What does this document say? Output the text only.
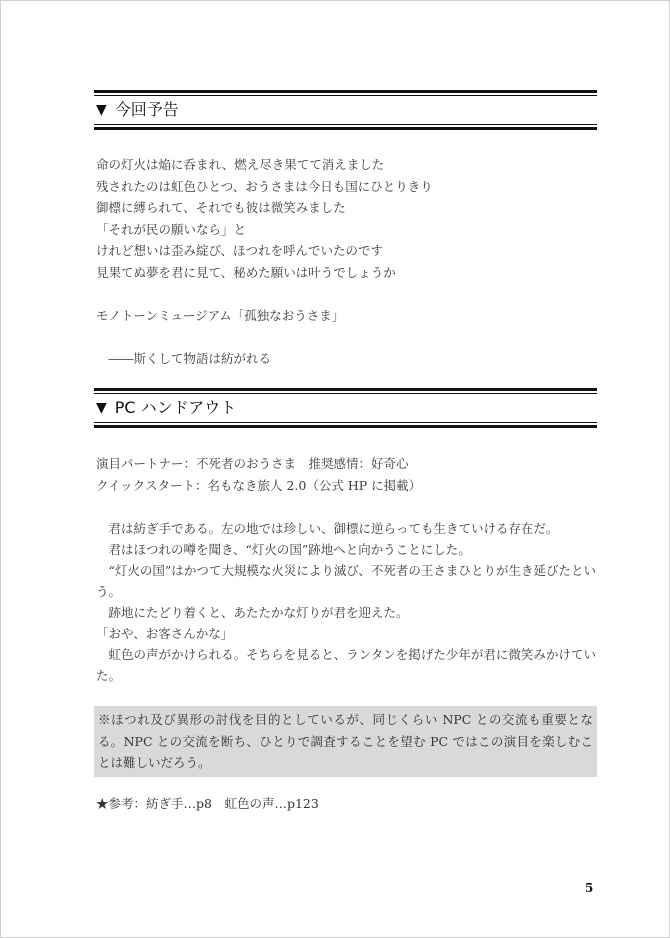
▼ 今回予告
命の灯火は焔に呑まれ、燃え尽き果てて消えました
残されたのは虹色ひとつ、おうさまは今日も国にひとりきり
御標に縛られて、それでも彼は微笑みました
「それが民の願いなら」と
けれど想いは歪み綻び、ほつれを呼んでいたのです
見果てぬ夢を君に見て、秘めた願いは叶うでしょうか
モノトーンミュージアム「孤独なおうさま」
　――斯くして物語は紡がれる
▼ PC ハンドアウト
演目パートナー：不死者のおうさま　推奨感情：好奇心
クイックスタート：名もなき旅人 2.0（公式 HP に掲載）

君は紡ぎ手である。左の地では珍しい、御標に逆らっても生きていける存在だ。

君はほつれの噂を聞き、“灯火の国”跡地へと向かうことにした。

“灯火の国”はかつて大規模な火災により滅び、不死者の王さまひとりが生き延びたという。

跡地にたどり着くと、あたたかな灯りが君を迎えた。

「おや、お客さんかな」

虹色の声がかけられる。そちらを見ると、ランタンを掲げた少年が君に微笑みかけていた。

※ほつれ及び異形の討伐を目的としているが、同じくらい NPC との交流も重要となる。NPC との交流を断ち、ひとりで調査することを望む PC ではこの演目を楽しむことは難しいだろう。
★参考：紡ぎ手…p8　虹色の声…p123
5
